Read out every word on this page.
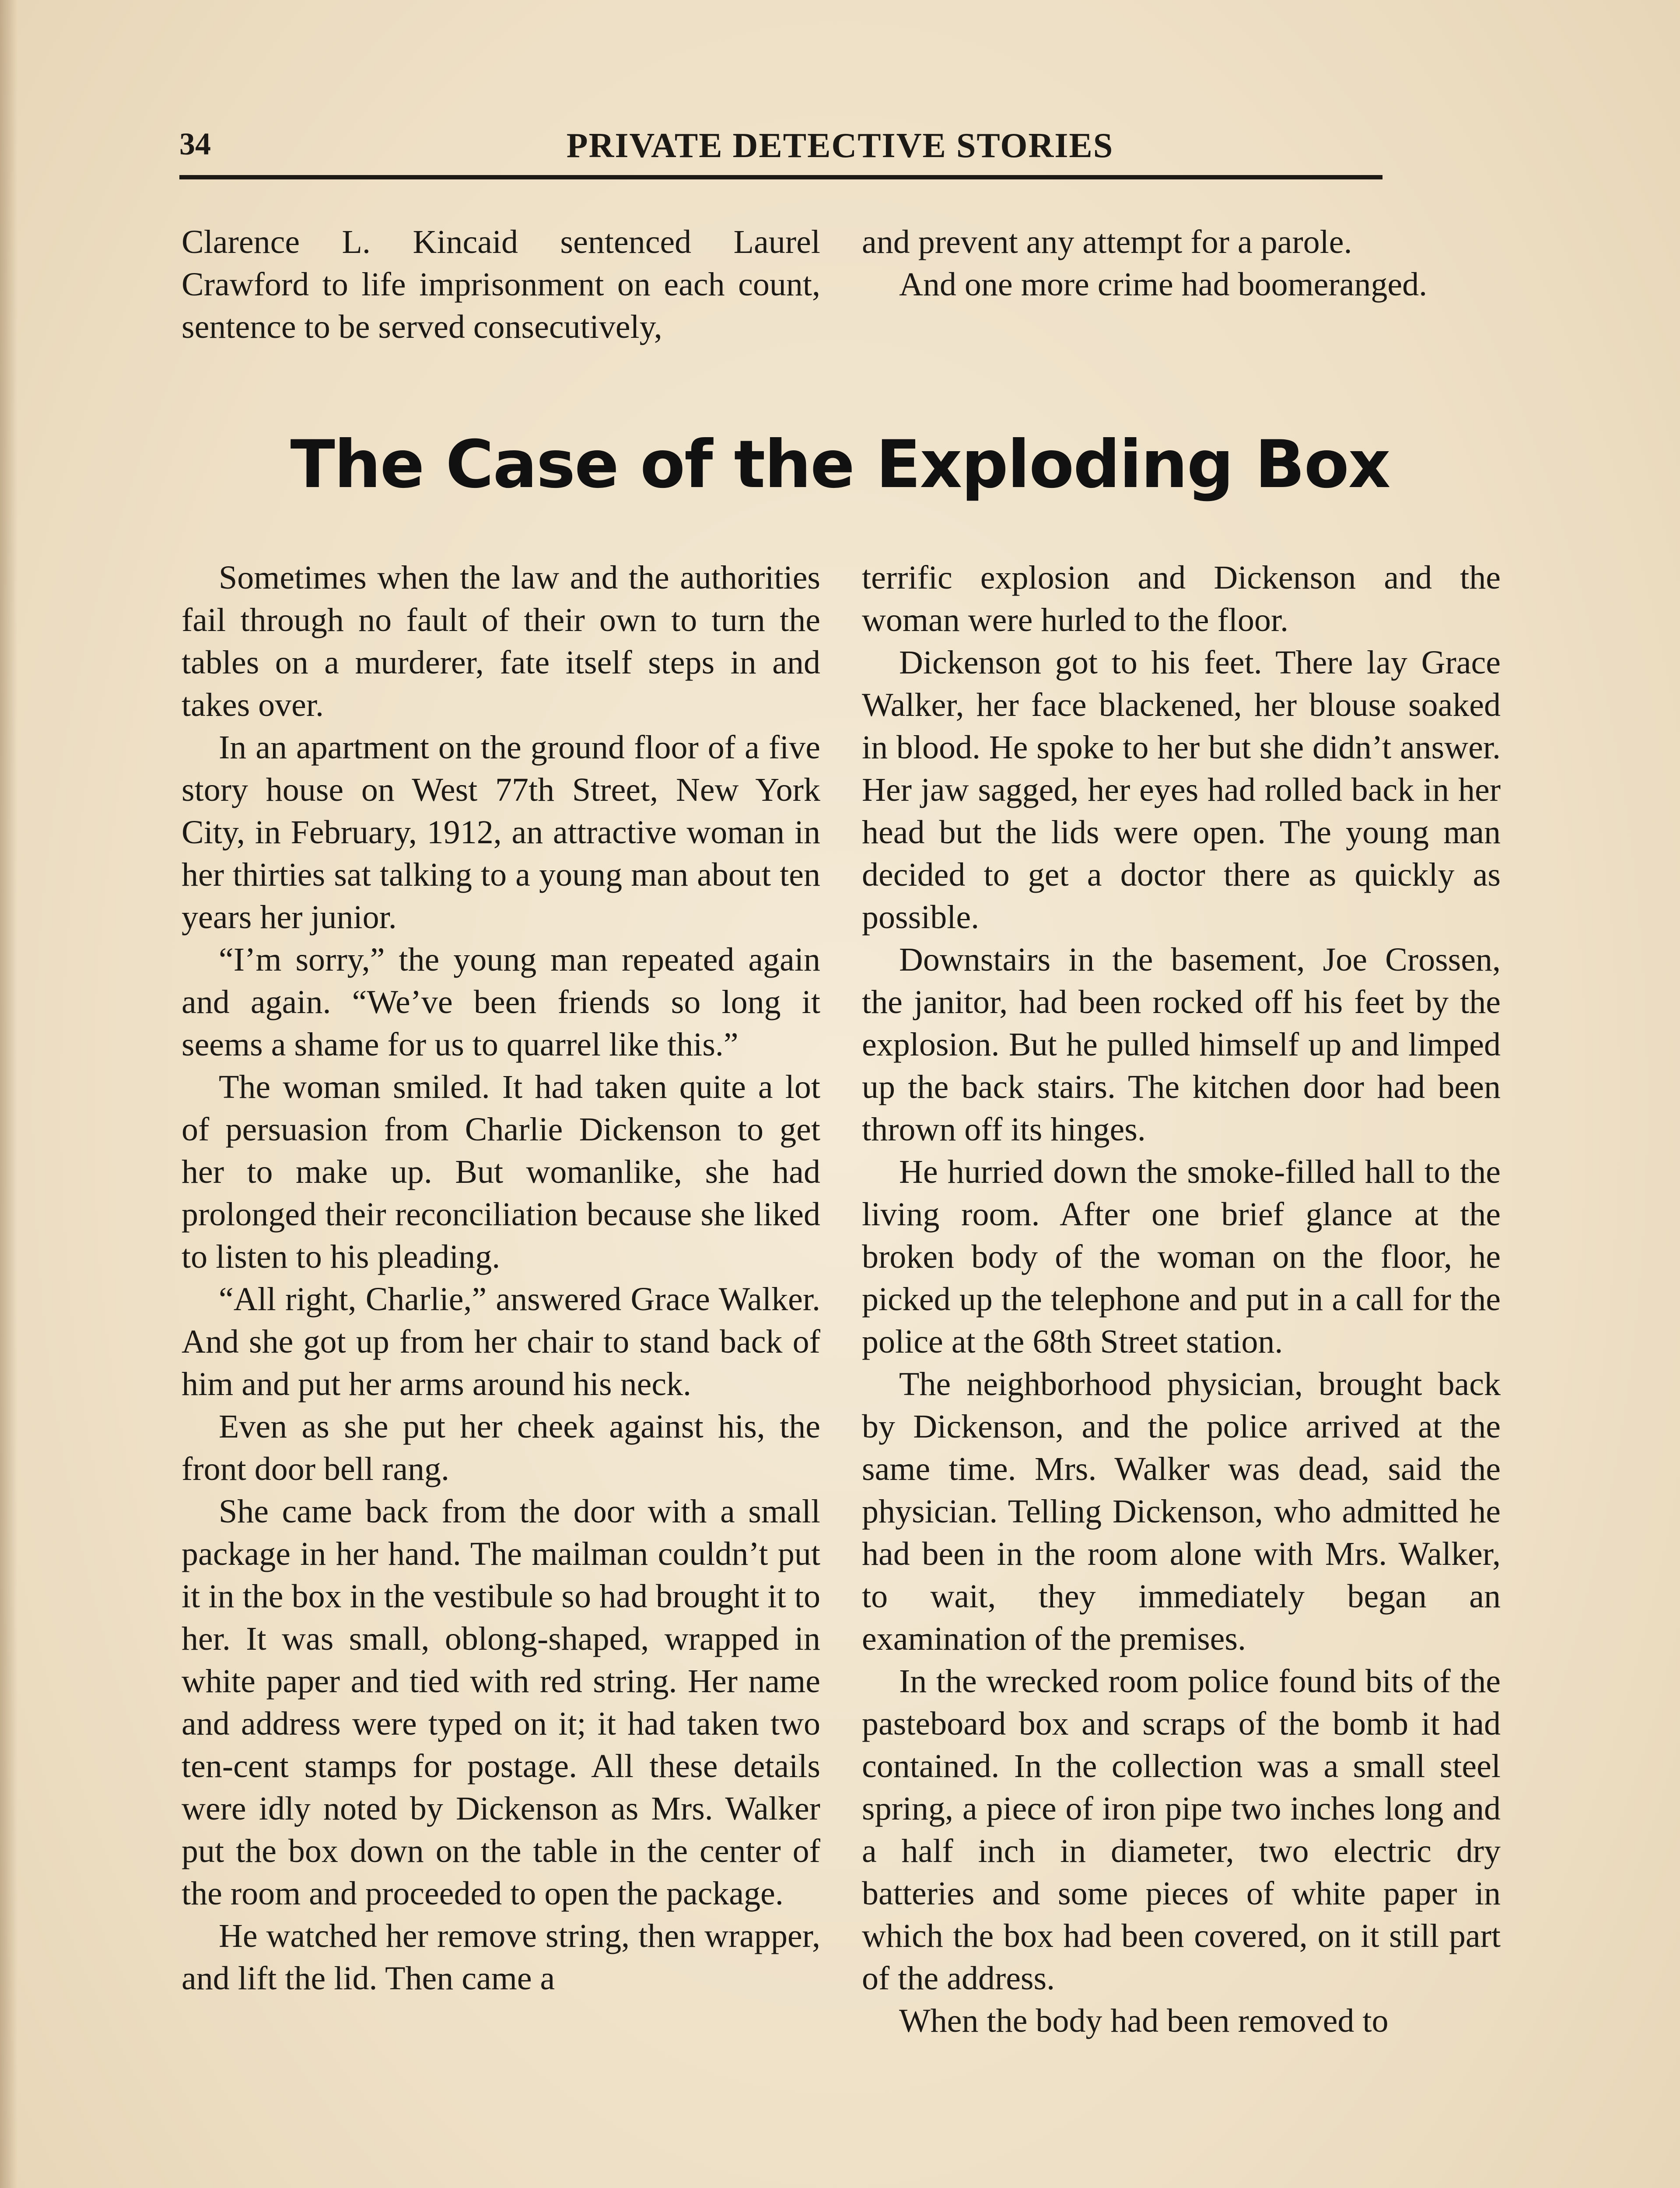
34	PRIVATE DETECTIVE STORIES

Clarence L. Kincaid sentenced Laurel Crawford to life imprisonment on each count, sentence to be served consecutively,

and prevent any attempt for a parole.

And one more crime had boomeranged.

The Case of the Exploding Box

Sometimes when the law and the authorities fail through no fault of their own to turn the tables on a murderer, fate itself steps in and takes over.

In an apartment on the ground floor of a five story house on West 77th Street, New York City, in February, 1912, an attractive woman in her thirties sat talking to a young man about ten years her junior.

“I’m sorry,” the young man repeated again and again. “We’ve been friends so long it seems a shame for us to quarrel like this.”

The woman smiled. It had taken quite a lot of persuasion from Charlie Dickenson to get her to make up. But womanlike, she had prolonged their reconciliation because she liked to listen to his pleading.

“All right, Charlie,” answered Grace Walker. And she got up from her chair to stand back of him and put her arms around his neck.

Even as she put her cheek against his, the front door bell rang.

She came back from the door with a small package in her hand. The mailman couldn’t put it in the box in the vestibule so had brought it to her. It was small, oblong-shaped, wrapped in white paper and tied with red string. Her name and address were typed on it; it had taken two ten-cent stamps for postage. All these details were idly noted by Dickenson as Mrs. Walker put the box down on the table in the center of the room and proceeded to open the package.

He watched her remove string, then wrapper, and lift the lid. Then came a

terrific explosion and Dickenson and the woman were hurled to the floor.

Dickenson got to his feet. There lay Grace Walker, her face blackened, her blouse soaked in blood. He spoke to her but she didn’t answer. Her jaw sagged, her eyes had rolled back in her head but the lids were open. The young man decided to get a doctor there as quickly as possible.

Downstairs in the basement, Joe Crossen, the janitor, had been rocked off his feet by the explosion. But he pulled himself up and limped up the back stairs. The kitchen door had been thrown off its hinges.

He hurried down the smoke-filled hall to the living room. After one brief glance at the broken body of the woman on the floor, he picked up the telephone and put in a call for the police at the 68th Street station.

The neighborhood physician, brought back by Dickenson, and the police arrived at the same time. Mrs. Walker was dead, said the physician. Telling Dickenson, who admitted he had been in the room alone with Mrs. Walker, to wait, they immediately began an examination of the premises.

In the wrecked room police found bits of the pasteboard box and scraps of the bomb it had contained. In the collection was a small steel spring, a piece of iron pipe two inches long and a half inch in diameter, two electric dry batteries and some pieces of white paper in which the box had been covered, on it still part of the address.

When the body had been removed to
